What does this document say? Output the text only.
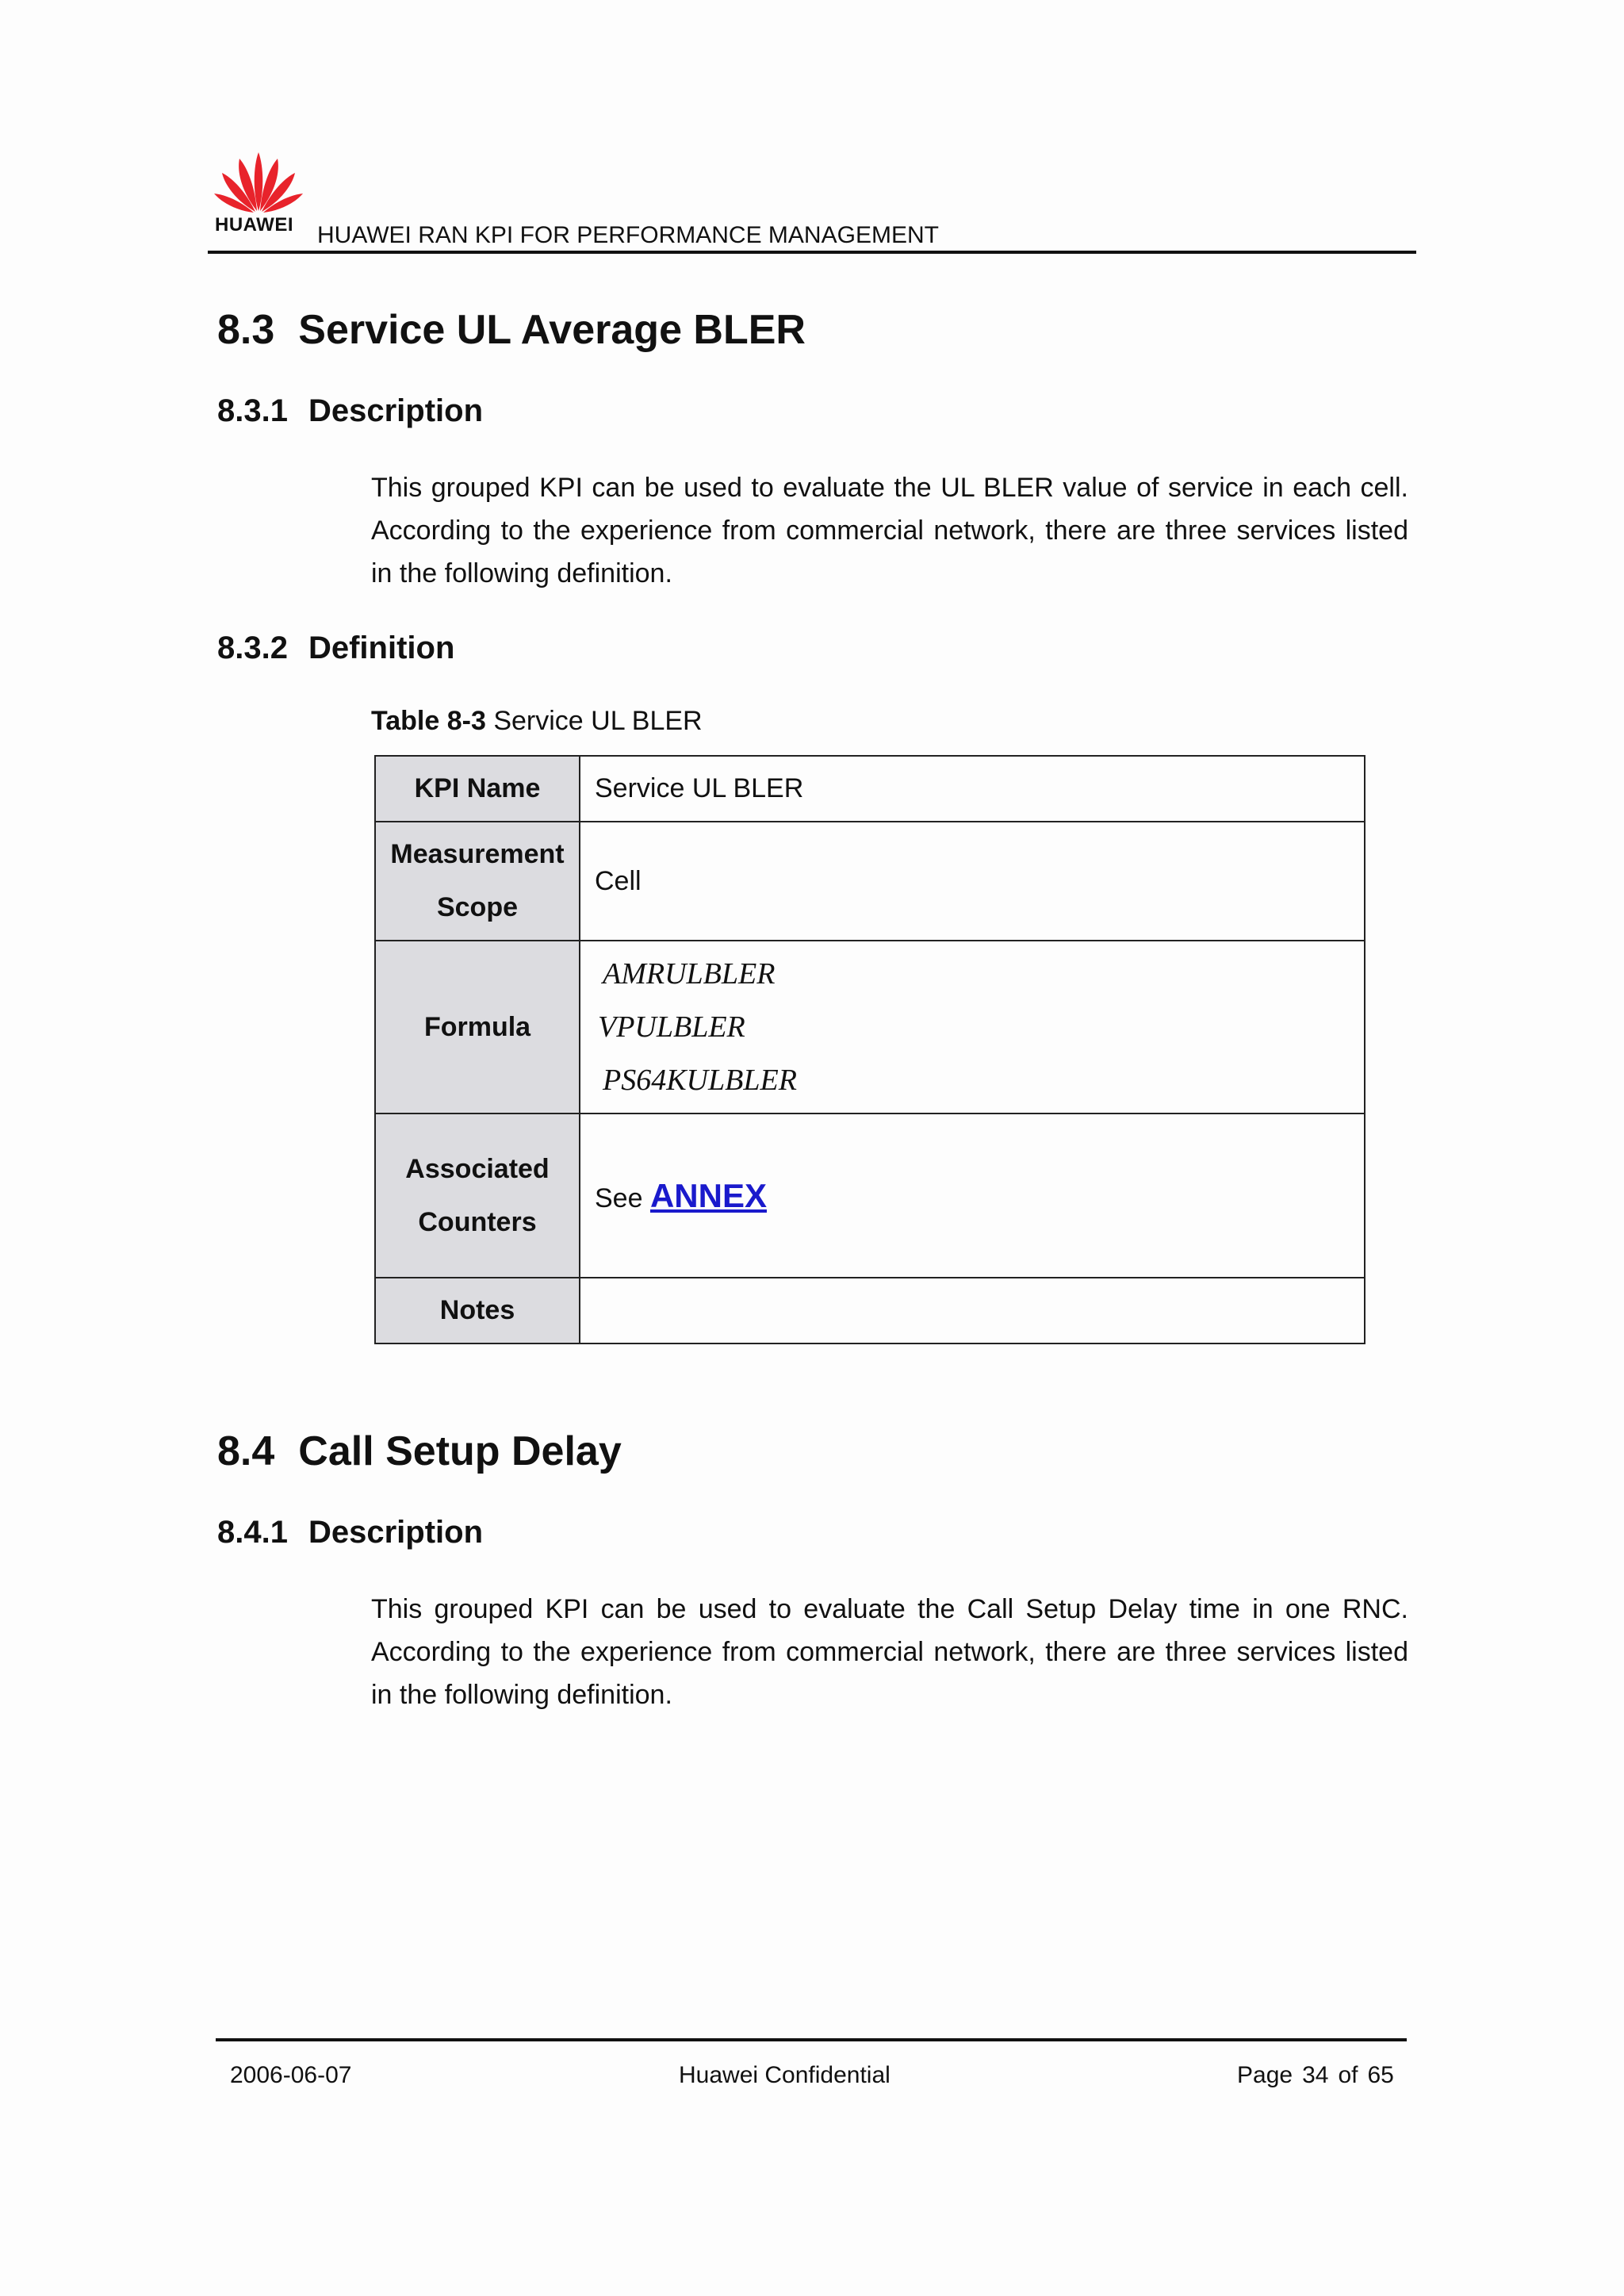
HUAWEI HUAWEI RAN KPI FOR PERFORMANCE MANAGEMENT
8.3 Service UL Average BLER
8.3.1 Description
This grouped KPI can be used to evaluate the UL BLER value of service in each cell. According to the experience from commercial network, there are three services listed in the following definition.
8.3.2 Definition
Table 8-3 Service UL BLER
KPI Name	Service UL BLER

Measurement
Scope	Cell
Formula	AMRULBLER
VPULBLER
PS64KULBLER

Associated
Counters	See ANNEX
Notes	
8.4 Call Setup Delay
8.4.1 Description
This grouped KPI can be used to evaluate the Call Setup Delay time in one RNC. According to the experience from commercial network, there are three services listed in the following definition.
2006-06-07	Huawei Confidential	Page 34 of 65
